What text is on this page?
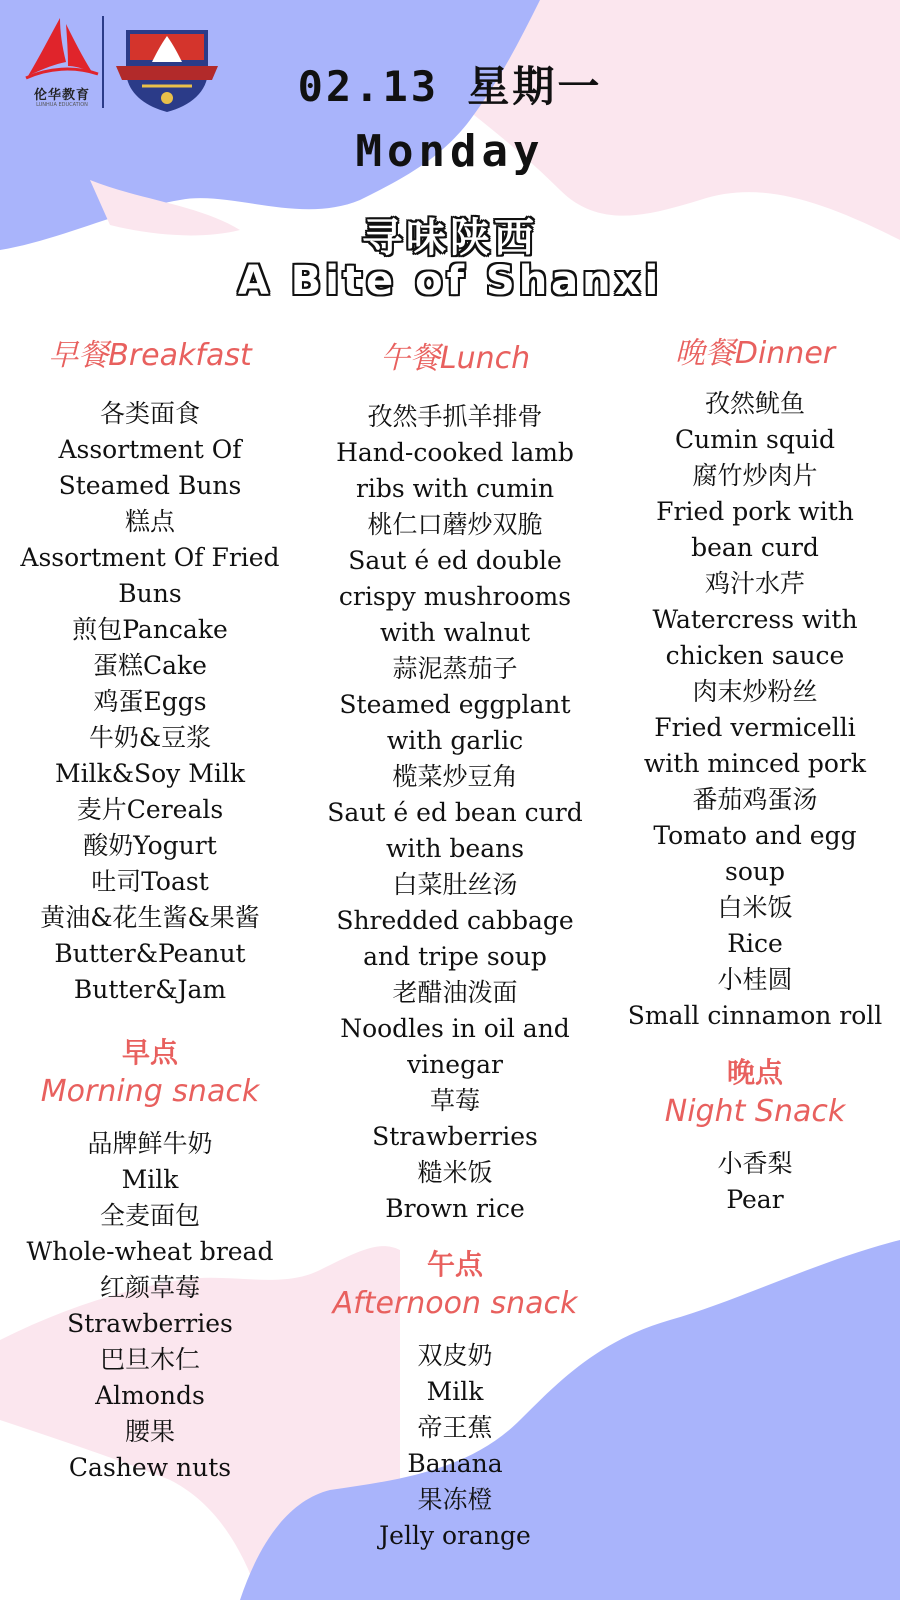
伦华教育
LUNHUA EDUCATION	02.13 星期一
Monday
寻味陕西
A Bite of Shanxi
早餐Breakfast
各类面食
Assortment Of
Steamed Buns
糕点
Assortment Of Fried
Buns
煎包Pancake
蛋糕Cake
鸡蛋Eggs
牛奶&豆浆
Milk&Soy Milk
麦片Cereals
酸奶Yogurt
吐司Toast
黄油&花生酱&果酱
Butter&Peanut
Butter&Jam
早点
Morning snack
品牌鲜牛奶
Milk
全麦面包
Whole-wheat bread
红颜草莓
Strawberries
巴旦木仁
Almonds
腰果
Cashew nuts
午餐Lunch
孜然手抓羊排骨
Hand-cooked lamb
ribs with cumin
桃仁口蘑炒双脆
Saut é ed double
crispy mushrooms
with walnut
蒜泥蒸茄子
Steamed eggplant
with garlic
榄菜炒豆角
Saut é ed bean curd
with beans
白菜肚丝汤
Shredded cabbage
and tripe soup
老醋油泼面
Noodles in oil and
vinegar
草莓
Strawberries
糙米饭
Brown rice
午点
Afternoon snack
双皮奶
Milk
帝王蕉
Banana
果冻橙
Jelly orange
晚餐Dinner
孜然鱿鱼
Cumin squid
腐竹炒肉片
Fried pork with
bean curd
鸡汁水芹
Watercress with
chicken sauce
肉末炒粉丝
Fried vermicelli
with minced pork
番茄鸡蛋汤
Tomato and egg
soup
白米饭
Rice
小桂圆
Small cinnamon roll
晚点
Night Snack
小香梨
Pear
